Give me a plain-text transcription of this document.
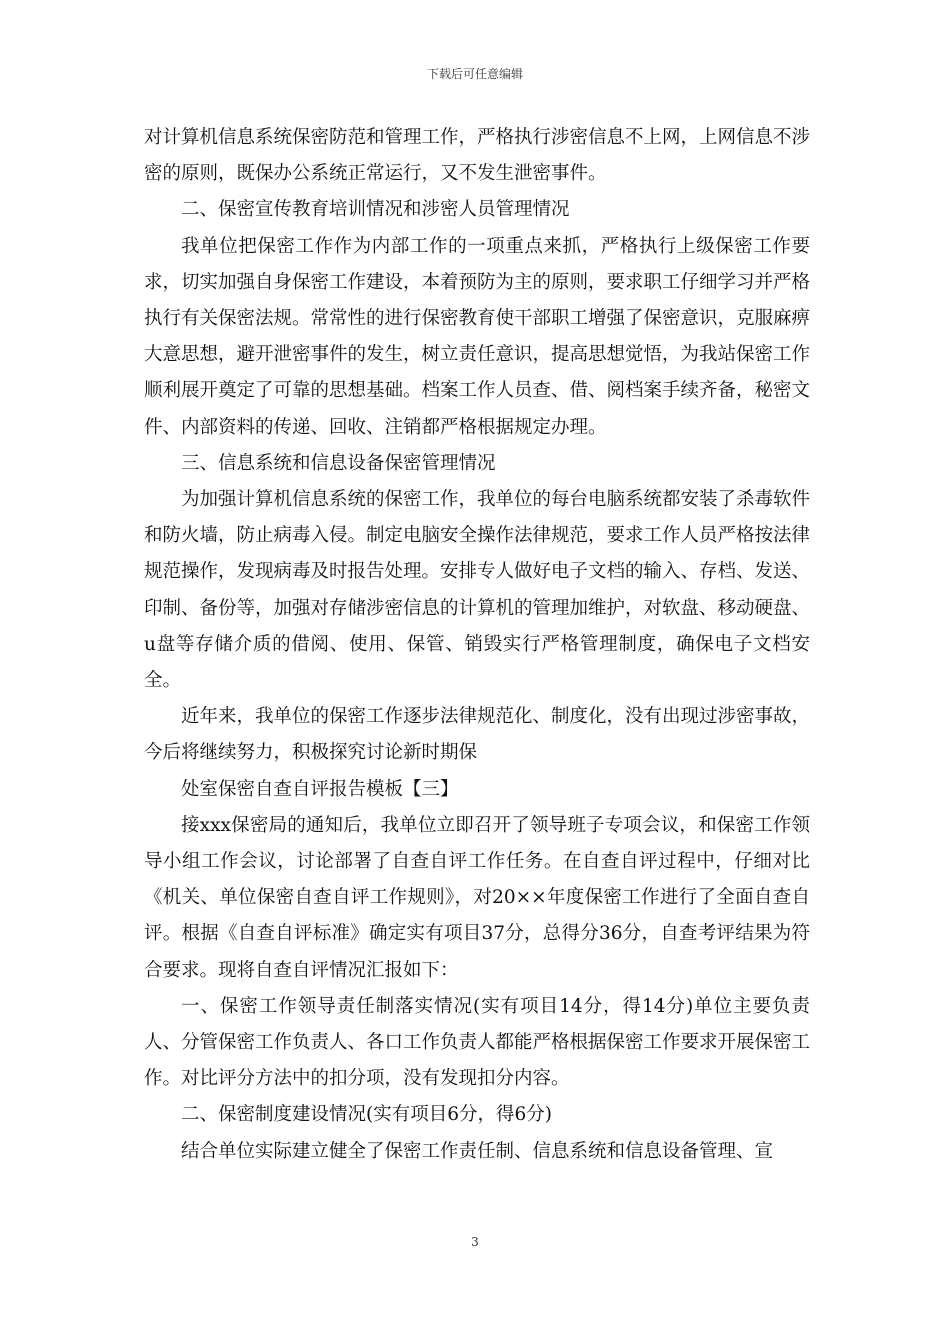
下载后可任意编辑

对计算机信息系统保密防范和管理工作，严格执行涉密信息不上网，上网信息不涉密的原则，既保办公系统正常运行，又不发生泄密事件。

二、保密宣传教育培训情况和涉密人员管理情况

我单位把保密工作作为内部工作的一项重点来抓，严格执行上级保密工作要求，切实加强自身保密工作建设，本着预防为主的原则，要求职工仔细学习并严格执行有关保密法规。常常性的进行保密教育使干部职工增强了保密意识，克服麻痹大意思想，避开泄密事件的发生，树立责任意识，提高思想觉悟，为我站保密工作顺利展开奠定了可靠的思想基础。档案工作人员查、借、阅档案手续齐备，秘密文件、内部资料的传递、回收、注销都严格根据规定办理。

三、信息系统和信息设备保密管理情况

为加强计算机信息系统的保密工作，我单位的每台电脑系统都安装了杀毒软件和防火墙，防止病毒入侵。制定电脑安全操作法律规范，要求工作人员严格按法律规范操作，发现病毒及时报告处理。安排专人做好电子文档的输入、存档、发送、印制、备份等，加强对存储涉密信息的计算机的管理加维护，对软盘、移动硬盘、u盘等存储介质的借阅、使用、保管、销毁实行严格管理制度，确保电子文档安全。

近年来，我单位的保密工作逐步法律规范化、制度化，没有出现过涉密事故，今后将继续努力，积极探究讨论新时期保

处室保密自查自评报告模板【三】

接xxx保密局的通知后，我单位立即召开了领导班子专项会议，和保密工作领导小组工作会议，讨论部署了自查自评工作任务。在自查自评过程中，仔细对比《机关、单位保密自查自评工作规则》，对20××年度保密工作进行了全面自查自评。根据《自查自评标准》确定实有项目37分，总得分36分，自查考评结果为符合要求。现将自查自评情况汇报如下：

一、保密工作领导责任制落实情况(实有项目14分，得14分)单位主要负责人、分管保密工作负责人、各口工作负责人都能严格根据保密工作要求开展保密工作。对比评分方法中的扣分项，没有发现扣分内容。

二、保密制度建设情况(实有项目6分，得6分)

结合单位实际建立健全了保密工作责任制、信息系统和信息设备管理、宣

3
